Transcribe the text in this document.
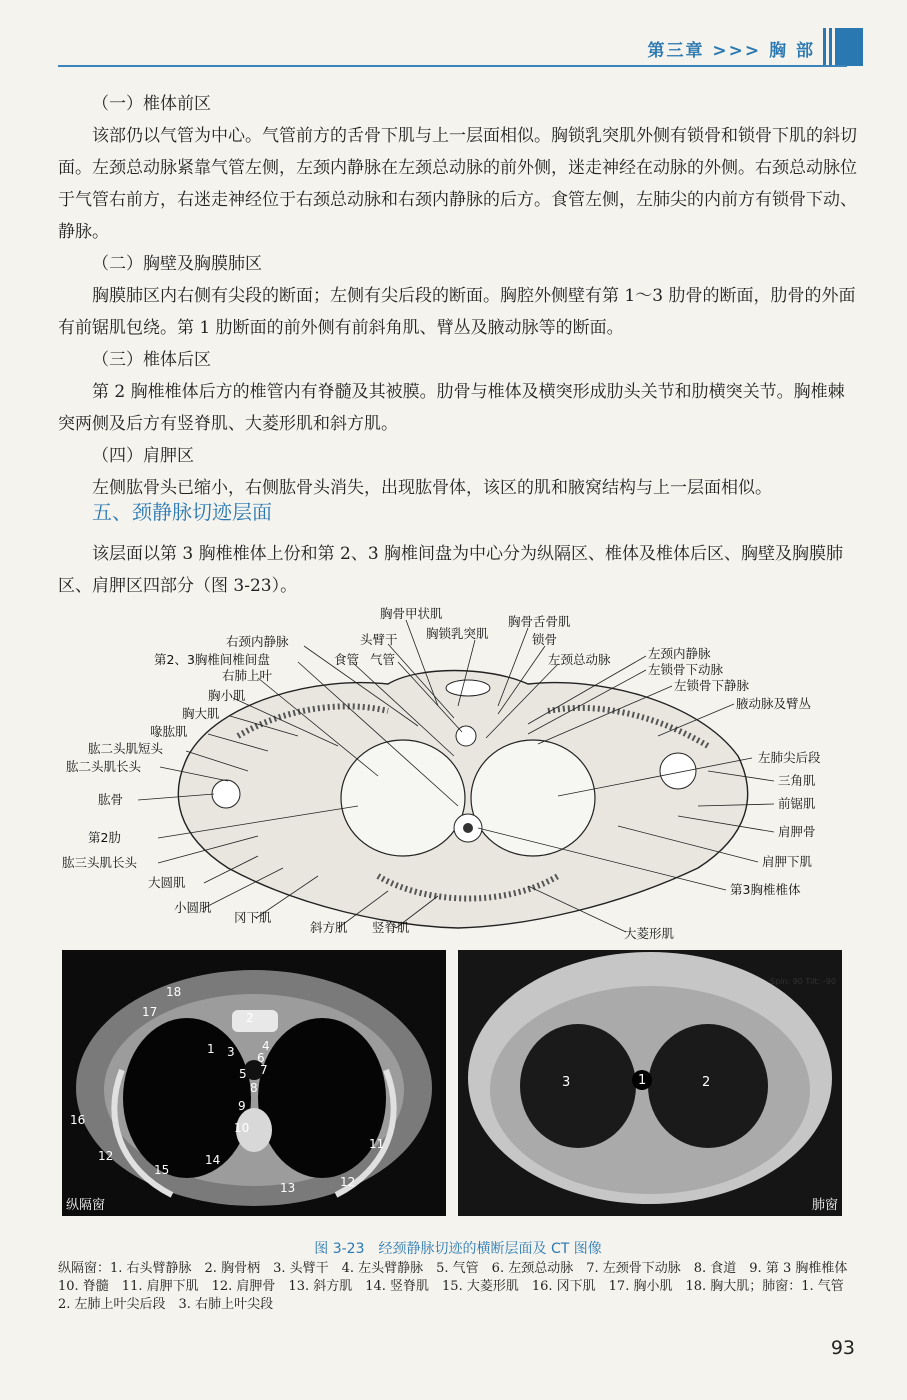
第三章 >>> 胸 部
（一）椎体前区

该部仍以气管为中心。气管前方的舌骨下肌与上一层面相似。胸锁乳突肌外侧有锁骨和锁骨下肌的斜切面。左颈总动脉紧靠气管左侧，左颈内静脉在左颈总动脉的前外侧，迷走神经在动脉的外侧。右颈总动脉位于气管右前方，右迷走神经位于右颈总动脉和右颈内静脉的后方。食管左侧，左肺尖的内前方有锁骨下动、静脉。

（二）胸壁及胸膜肺区

胸膜肺区内右侧有尖段的断面；左侧有尖后段的断面。胸腔外侧壁有第 1～3 肋骨的断面，肋骨的外面有前锯肌包绕。第 1 肋断面的前外侧有前斜角肌、臂丛及腋动脉等的断面。

（三）椎体后区

第 2 胸椎椎体后方的椎管内有脊髓及其被膜。肋骨与椎体及横突形成肋头关节和肋横突关节。胸椎棘突两侧及后方有竖脊肌、大菱形肌和斜方肌。

（四）肩胛区

左侧肱骨头已缩小，右侧肱骨头消失，出现肱骨体，该区的肌和腋窝结构与上一层面相似。

五、颈静脉切迹层面

该层面以第 3 胸椎椎体上份和第 2、3 胸椎间盘为中心分为纵隔区、椎体及椎体后区、胸壁及胸膜肺区、肩胛区四部分（图 3-23）。

胸骨甲状肌
胸锁乳突肌
胸骨舌骨肌
头臂干	锁骨
右颈内静脉
食管 气管	左颈总动脉
第2、3胸椎间椎间盘
右肺上叶
胸小肌
胸大肌
喙肱肌
肱二头肌短头
肱二头肌长头
肱骨
第2肋
肱三头肌长头
左颈内静脉
左锁骨下动脉
左锁骨下静脉
腋动脉及臂丛
左肺尖后段
三角肌
前锯肌
肩胛骨
肩胛下肌
第3胸椎椎体
大圆肌
小圆肌
冈下肌
斜方肌 竖脊肌	大菱形肌
18
17	2
1 3 4
6
5 7
8
9
10
16
12
15
14
13	12
11
纵隔窗
3	1	2
Spin: 90 Tilt: -90
肺窗
图 3-23　经颈静脉切迹的横断层面及 CT 图像
纵隔窗：1. 右头臂静脉　2. 胸骨柄　3. 头臂干　4. 左头臂静脉　5. 气管　6. 左颈总动脉　7. 左颈骨下动脉　8. 食道　9. 第 3 胸椎椎体　10. 脊髓　11. 肩胛下肌　12. 肩胛骨　13. 斜方肌　14. 竖脊肌　15. 大菱形肌　16. 冈下肌　17. 胸小肌　18. 胸大肌；肺窗：1. 气管　2. 左肺上叶尖后段　3. 右肺上叶尖段
93
